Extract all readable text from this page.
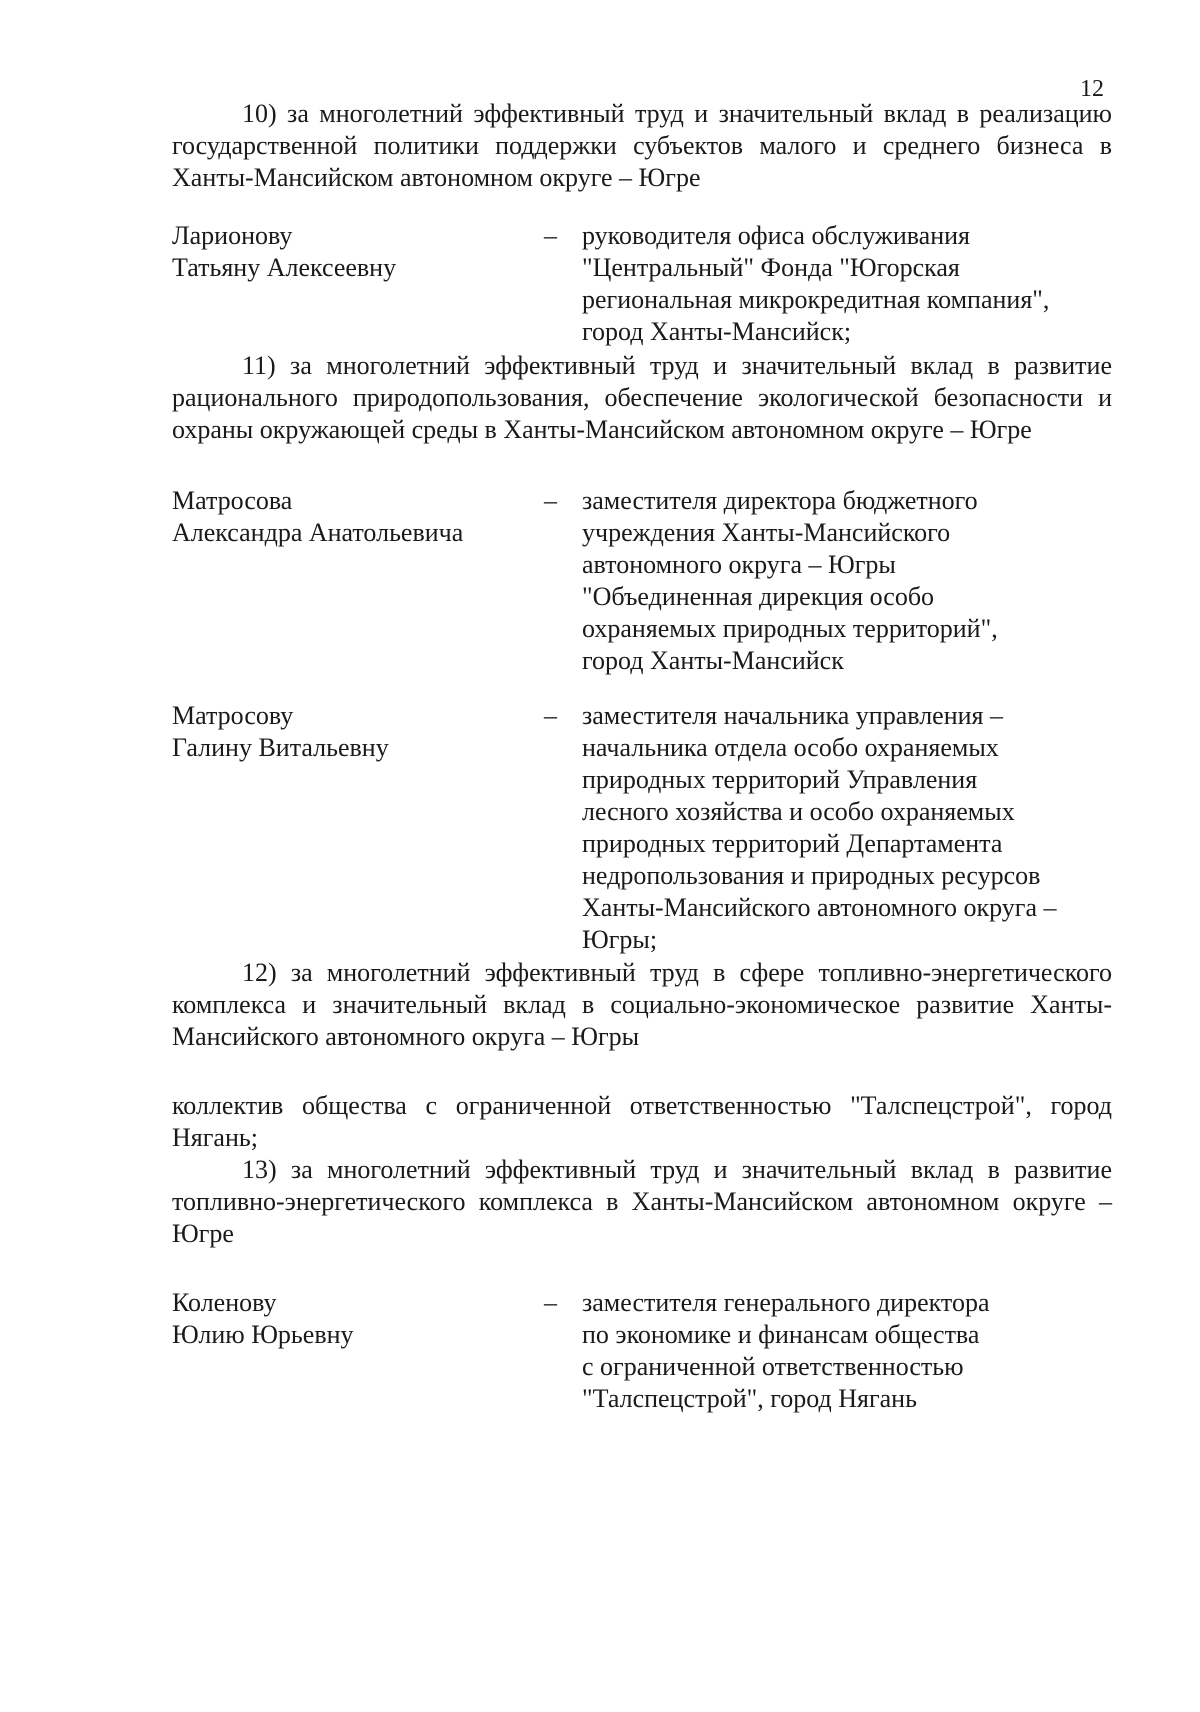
12
10) за многолетний эффективный труд и значительный вклад в реализацию государственной политики поддержки субъектов малого и среднего бизнеса в Ханты-Мансийском автономном округе – Югре
Ларионову
Татьяну Алексеевну
– руководителя офиса обслуживания
"Центральный" Фонда "Югорская
региональная микрокредитная компания",
город Ханты-Мансийск;
11) за многолетний эффективный труд и значительный вклад в развитие рационального природопользования, обеспечение экологической безопасности и охраны окружающей среды в Ханты-Мансийском автономном округе – Югре
Матросова
Александра Анатольевича
– заместителя директора бюджетного
учреждения Ханты-Мансийского
автономного округа – Югры
"Объединенная дирекция особо
охраняемых природных территорий",
город Ханты-Мансийск
Матросову
Галину Витальевну
– заместителя начальника управления –
начальника отдела особо охраняемых
природных территорий Управления
лесного хозяйства и особо охраняемых
природных территорий Департамента
недропользования и природных ресурсов
Ханты-Мансийского автономного округа –
Югры;
12) за многолетний эффективный труд в сфере топливно-энергетического комплекса и значительный вклад в социально-экономическое развитие Ханты-Мансийского автономного округа – Югры
коллектив общества с ограниченной ответственностью "Талспецстрой", город Нягань;
13) за многолетний эффективный труд и значительный вклад в развитие топливно-энергетического комплекса в Ханты-Мансийском автономном округе – Югре
Коленову
Юлию Юрьевну
– заместителя генерального директора
по экономике и финансам общества
с ограниченной ответственностью
"Талспецстрой", город Нягань
